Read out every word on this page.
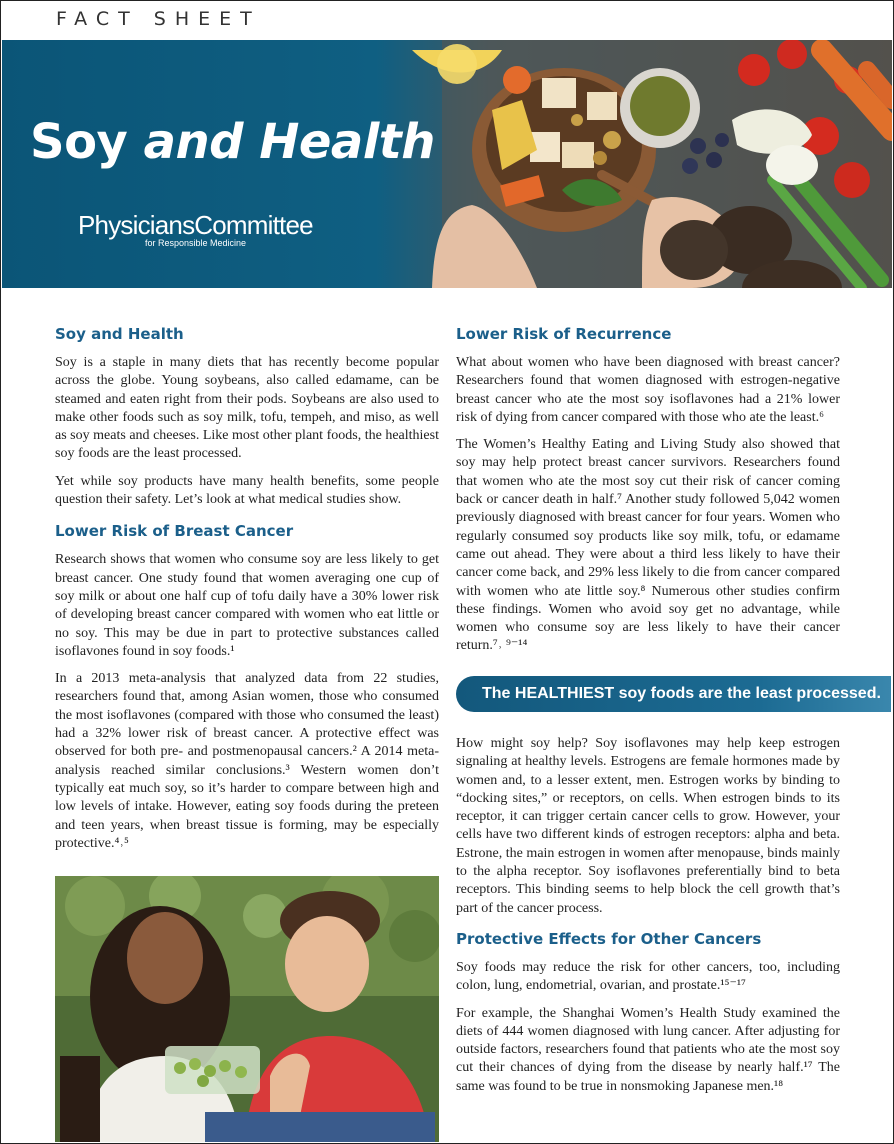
FACT SHEET
Soy and Health
PhysiciansCommittee
for Responsible Medicine
Soy and Health

Soy is a staple in many diets that has recently become popular across the globe. Young soybeans, also called edamame, can be steamed and eaten right from their pods. Soybeans are also used to make other foods such as soy milk, tofu, tempeh, and miso, as well as soy meats and cheeses. Like most other plant foods, the healthiest soy foods are the least processed.

Yet while soy products have many health benefits, some people question their safety. Let’s look at what medical studies show.

Lower Risk of Breast Cancer

Research shows that women who consume soy are less likely to get breast cancer. One study found that women averaging one cup of soy milk or about one half cup of tofu daily have a 30% lower risk of developing breast cancer compared with women who eat little or no soy. This may be due in part to protective substances called isoflavones found in soy foods.¹

In a 2013 meta-analysis that analyzed data from 22 studies, researchers found that, among Asian women, those who consumed the most isoflavones (compared with those who consumed the least) had a 32% lower risk of breast cancer. A protective effect was observed for both pre- and postmenopausal cancers.² A 2014 meta-analysis reached similar conclusions.³ Western women don’t typically eat much soy, so it’s harder to compare between high and low levels of intake. However, eating soy foods during the preteen and teen years, when breast tissue is forming, may be especially protective.⁴˒⁵

Lower Risk of Recurrence

What about women who have been diagnosed with breast cancer? Researchers found that women diagnosed with estrogen-negative breast cancer who ate the most soy isoflavones had a 21% lower risk of dying from cancer compared with those who ate the least.⁶

The Women’s Healthy Eating and Living Study also showed that soy may help protect breast cancer survivors. Researchers found that women who ate the most soy cut their risk of cancer coming back or cancer death in half.⁷ Another study followed 5,042 women previously diagnosed with breast cancer for four years. Women who regularly consumed soy products like soy milk, tofu, or edamame came out ahead. They were about a third less likely to have their cancer come back, and 29% less likely to die from cancer compared with women who ate little soy.⁸ Numerous other studies confirm these findings. Women who avoid soy get no advantage, while women who consume soy are less likely to have their cancer return.⁷˒ ⁹⁻¹⁴

The HEALTHIEST soy foods are the least processed.

How might soy help? Soy isoflavones may help keep estrogen signaling at healthy levels. Estrogens are female hormones made by women and, to a lesser extent, men. Estrogen works by binding to “docking sites,” or receptors, on cells. When estrogen binds to its receptor, it can trigger certain cancer cells to grow. However, your cells have two different kinds of estrogen receptors: alpha and beta. Estrone, the main estrogen in women after menopause, binds mainly to the alpha receptor. Soy isoflavones preferentially bind to beta receptors. This binding seems to help block the cell growth that’s part of the cancer process.

Protective Effects for Other Cancers

Soy foods may reduce the risk for other cancers, too, including colon, lung, endometrial, ovarian, and prostate.¹⁵⁻¹⁷

For example, the Shanghai Women’s Health Study examined the diets of 444 women diagnosed with lung cancer. After adjusting for outside factors, researchers found that patients who ate the most soy cut their chances of dying from the disease by nearly half.¹⁷ The same was found to be true in nonsmoking Japanese men.¹⁸
